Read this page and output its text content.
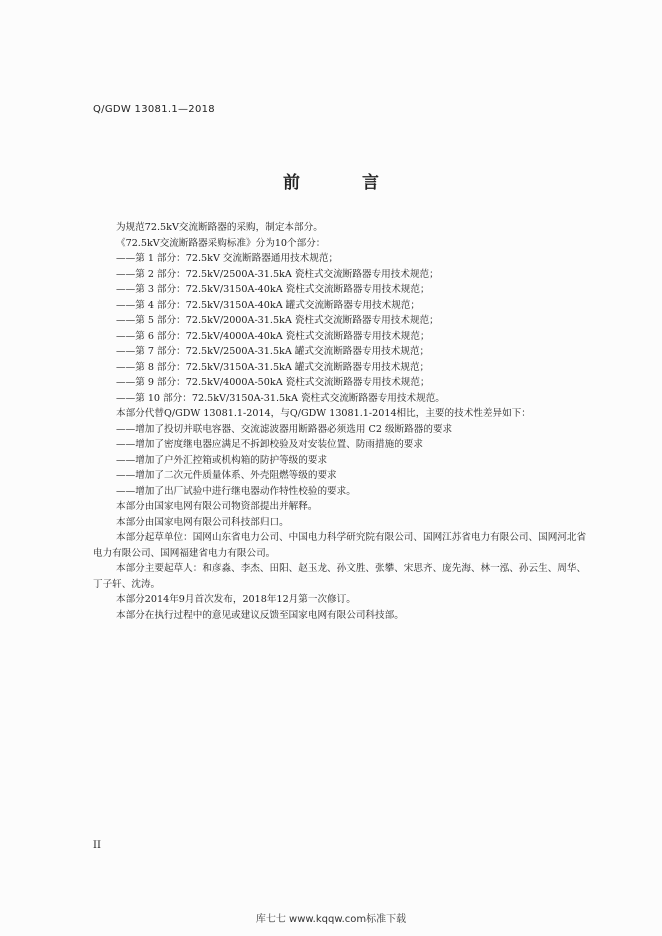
Q/GDW 13081.1—2018
前 言

为规范72.5kV交流断路器的采购，制定本部分。

《72.5kV交流断路器采购标准》分为10个部分：

——第 1 部分：72.5kV 交流断路器通用技术规范；

——第 2 部分：72.5kV/2500A-31.5kA 瓷柱式交流断路器专用技术规范；

——第 3 部分：72.5kV/3150A-40kA 瓷柱式交流断路器专用技术规范；

——第 4 部分：72.5kV/3150A-40kA 罐式交流断路器专用技术规范；

——第 5 部分：72.5kV/2000A-31.5kA 瓷柱式交流断路器专用技术规范；

——第 6 部分：72.5kV/4000A-40kA 瓷柱式交流断路器专用技术规范；

——第 7 部分：72.5kV/2500A-31.5kA 罐式交流断路器专用技术规范；

——第 8 部分：72.5kV/3150A-31.5kA 罐式交流断路器专用技术规范；

——第 9 部分：72.5kV/4000A-50kA 瓷柱式交流断路器专用技术规范；

——第 10 部分：72.5kV/3150A-31.5kA 瓷柱式交流断路器专用技术规范。

本部分代替Q/GDW 13081.1-2014，与Q/GDW 13081.1-2014相比，主要的技术性差异如下：

——增加了投切并联电容器、交流滤波器用断路器必须选用 C2 级断路器的要求

——增加了密度继电器应满足不拆卸校验及对安装位置、防雨措施的要求

——增加了户外汇控箱或机构箱的防护等级的要求

——增加了二次元件质量体系、外壳阻燃等级的要求

——增加了出厂试验中进行继电器动作特性校验的要求。

本部分由国家电网有限公司物资部提出并解释。

本部分由国家电网有限公司科技部归口。

本部分起草单位：国网山东省电力公司、中国电力科学研究院有限公司、国网江苏省电力有限公司、国网河北省电力有限公司、国网福建省电力有限公司。

本部分主要起草人：和彦淼、李杰、田阳、赵玉龙、孙文胜、张攀、宋思齐、庞先海、林一泓、孙云生、周华、丁子轩、沈涛。

本部分2014年9月首次发布，2018年12月第一次修订。

本部分在执行过程中的意见或建议反馈至国家电网有限公司科技部。

II
库七七 www.kqqw.com标准下载
